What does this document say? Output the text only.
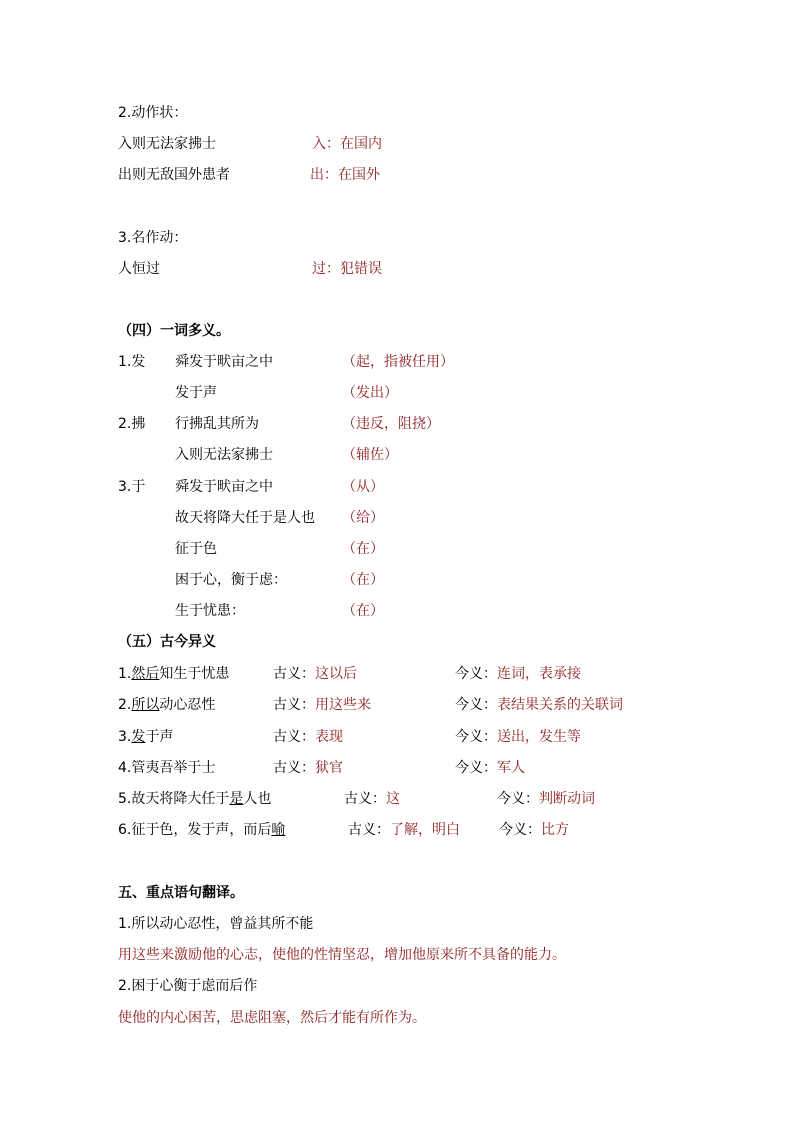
2.动作状：
入则无法家拂士	入：在国内
出则无敌国外患者	出：在国外
3.名作动：
人恒过	过：犯错误
（四）一词多义。
1.发 舜发于畎亩之中	（起，指被任用）
发于声	（发出）
2.拂 行拂乱其所为	（违反，阻挠）
入则无法家拂士	（辅佐）
3.于 舜发于畎亩之中	（从）
故天将降大任于是人也 （给）
征于色	（在）
困于心，衡于虑：	（在）
生于忧患：	（在）
（五）古今异义
1.然后知生于忧患	古义：这以后	今义：连词，表承接
2.所以动心忍性	古义：用这些来	今义：表结果关系的关联词
3.发于声	古义：表现	今义：送出，发生等
4.管夷吾举于士	古义：狱官	今义：军人
5.故天将降大任于是人也	古义：这	今义：判断动词
6.征于色，发于声，而后喻	古义：了解，明白	今义：比方
五、重点语句翻译。
1.所以动心忍性，曾益其所不能
用这些来激励他的心志，使他的性情坚忍，增加他原来所不具备的能力。
2.困于心衡于虑而后作
使他的内心困苦，思虑阻塞，然后才能有所作为。
